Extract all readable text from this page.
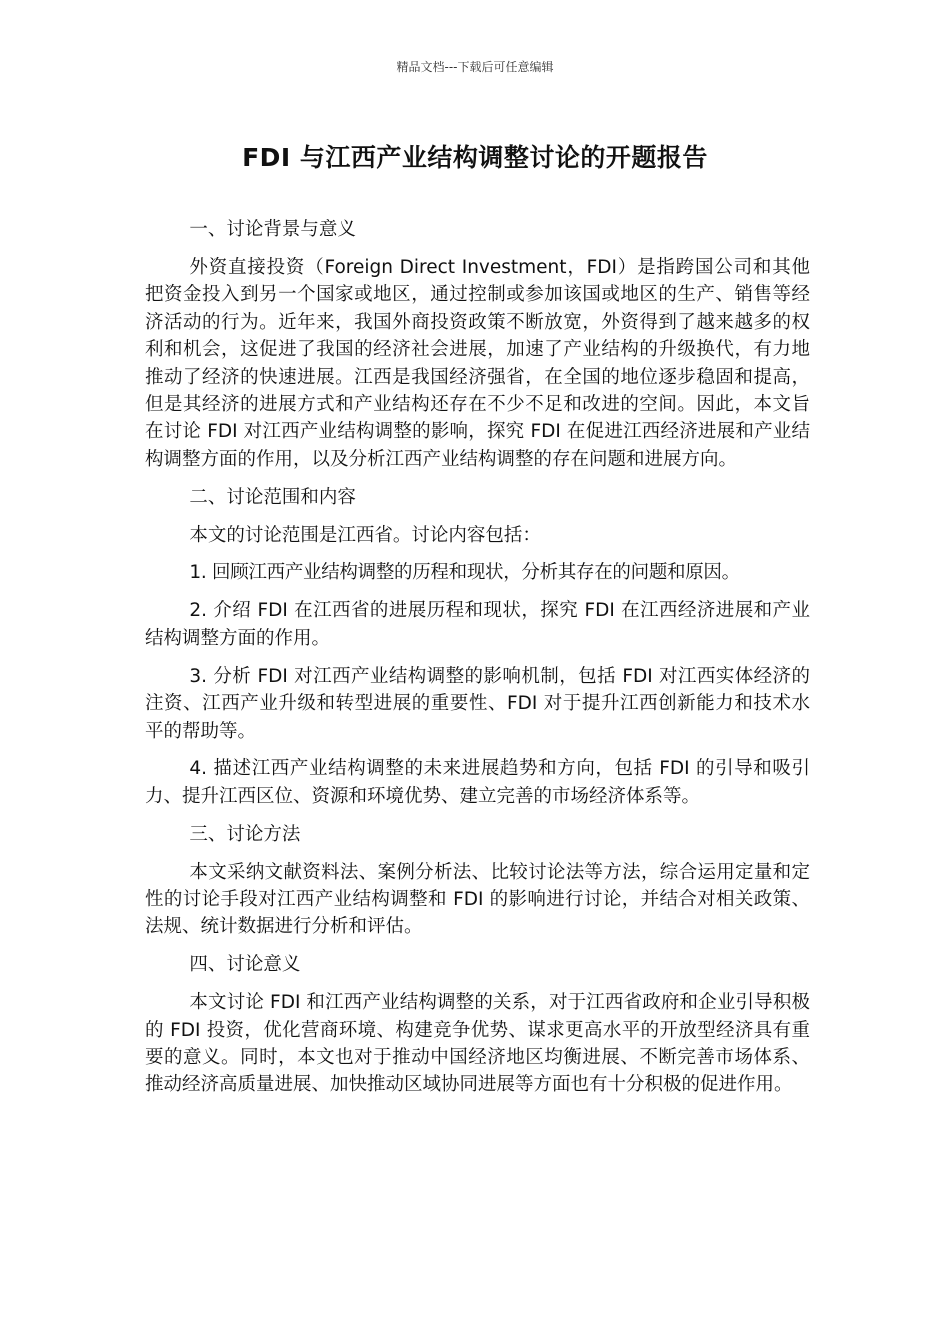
精品文档---下载后可任意编辑
FDI 与江西产业结构调整讨论的开题报告

一、讨论背景与意义

外资直接投资（Foreign Direct Investment，FDI）是指跨国公司和其他把资金投入到另一个国家或地区，通过控制或参加该国或地区的生产、销售等经济活动的行为。近年来，我国外商投资政策不断放宽，外资得到了越来越多的权利和机会，这促进了我国的经济社会进展，加速了产业结构的升级换代，有力地推动了经济的快速进展。江西是我国经济强省，在全国的地位逐步稳固和提高，但是其经济的进展方式和产业结构还存在不少不足和改进的空间。因此，本文旨在讨论 FDI 对江西产业结构调整的影响，探究 FDI 在促进江西经济进展和产业结构调整方面的作用，以及分析江西产业结构调整的存在问题和进展方向。

二、讨论范围和内容

本文的讨论范围是江西省。讨论内容包括：

1. 回顾江西产业结构调整的历程和现状，分析其存在的问题和原因。

2. 介绍 FDI 在江西省的进展历程和现状，探究 FDI 在江西经济进展和产业结构调整方面的作用。

3. 分析 FDI 对江西产业结构调整的影响机制，包括 FDI 对江西实体经济的注资、江西产业升级和转型进展的重要性、FDI 对于提升江西创新能力和技术水平的帮助等。

4. 描述江西产业结构调整的未来进展趋势和方向，包括 FDI 的引导和吸引力、提升江西区位、资源和环境优势、建立完善的市场经济体系等。

三、讨论方法

本文采纳文献资料法、案例分析法、比较讨论法等方法，综合运用定量和定性的讨论手段对江西产业结构调整和 FDI 的影响进行讨论，并结合对相关政策、法规、统计数据进行分析和评估。

四、讨论意义

本文讨论 FDI 和江西产业结构调整的关系，对于江西省政府和企业引导积极的 FDI 投资，优化营商环境、构建竞争优势、谋求更高水平的开放型经济具有重要的意义。同时，本文也对于推动中国经济地区均衡进展、不断完善市场体系、推动经济高质量进展、加快推动区域协同进展等方面也有十分积极的促进作用。
